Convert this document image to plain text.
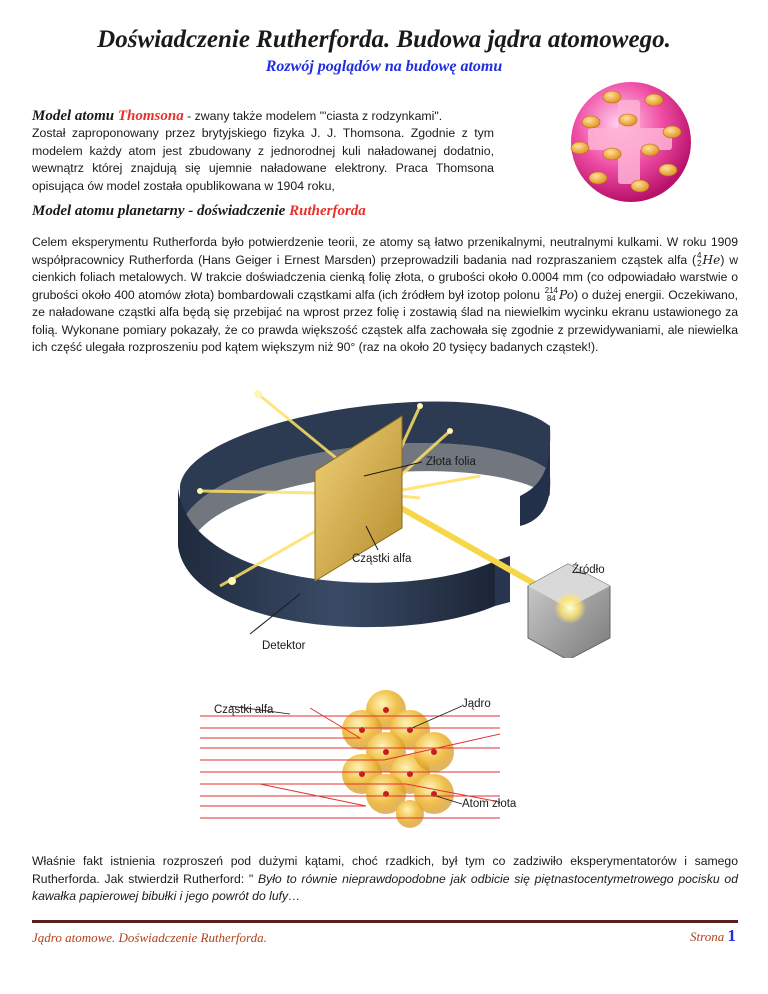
Doświadczenie Rutherforda. Budowa jądra atomowego.
Rozwój poglądów na budowę atomu
Model atomu Thomsona - zwany także modelem "'ciasta z rodzynkami".
Został zaproponowany przez brytyjskiego fizyka J. J. Thomsona. Zgodnie z tym modelem każdy atom jest zbudowany z jednorodnej kuli naładowanej dodatnio, wewnątrz której znajdują się ujemnie naładowane elektrony. Praca Thomsona opisująca ów model została opublikowana w 1904 roku,
Model atomu planetarny - doświadczenie Rutherforda

Celem eksperymentu Rutherforda było potwierdzenie teorii, ze atomy są łatwo przenikalnymi, neutralnymi kulkami. W roku 1909 współpracownicy Rutherforda (Hans Geiger i Ernest Marsden) przeprowadzili badania nad rozpraszaniem cząstek alfa ( 4
2 He) w cienkich foliach metalowych. W trakcie doświadczenia cienką folię złota, o grubości około 0.0004 mm (co odpowiadało warstwie o grubości około 400 atomów złota) bombardowali cząstkami alfa (ich źródłem był izotop polonu 214
84 Po) o dużej energii. Oczekiwano, ze naładowane cząstki alfa będą się przebijać na wprost przez folię i zostawią ślad na niewielkim wycinku ekranu ustawionego za folią. Wykonane pomiary pokazały, że co prawda większość cząstek alfa zachowała się zgodnie z przewidywaniami, ale niewielka ich część ulegała rozproszeniu pod kątem większym niż 90° (raz na około 20 tysięcy badanych cząstek!).

Złota folia
Cząstki alfa
Źródło
Detektor
Cząstki alfa	Jądro
Atom złota

Właśnie fakt istnienia rozproszeń pod dużymi kątami, choć rzadkich, był tym co zadziwiło eksperymentatorów i samego Rutherforda. Jak stwierdził Rutherford: " Było to równie nieprawdopodobne jak odbicie się piętnastocentymetrowego pocisku od kawałka papierowej bibułki i jego powrót do lufy…

Jądro atomowe. Doświadczenie Rutherforda.	Strona 1
